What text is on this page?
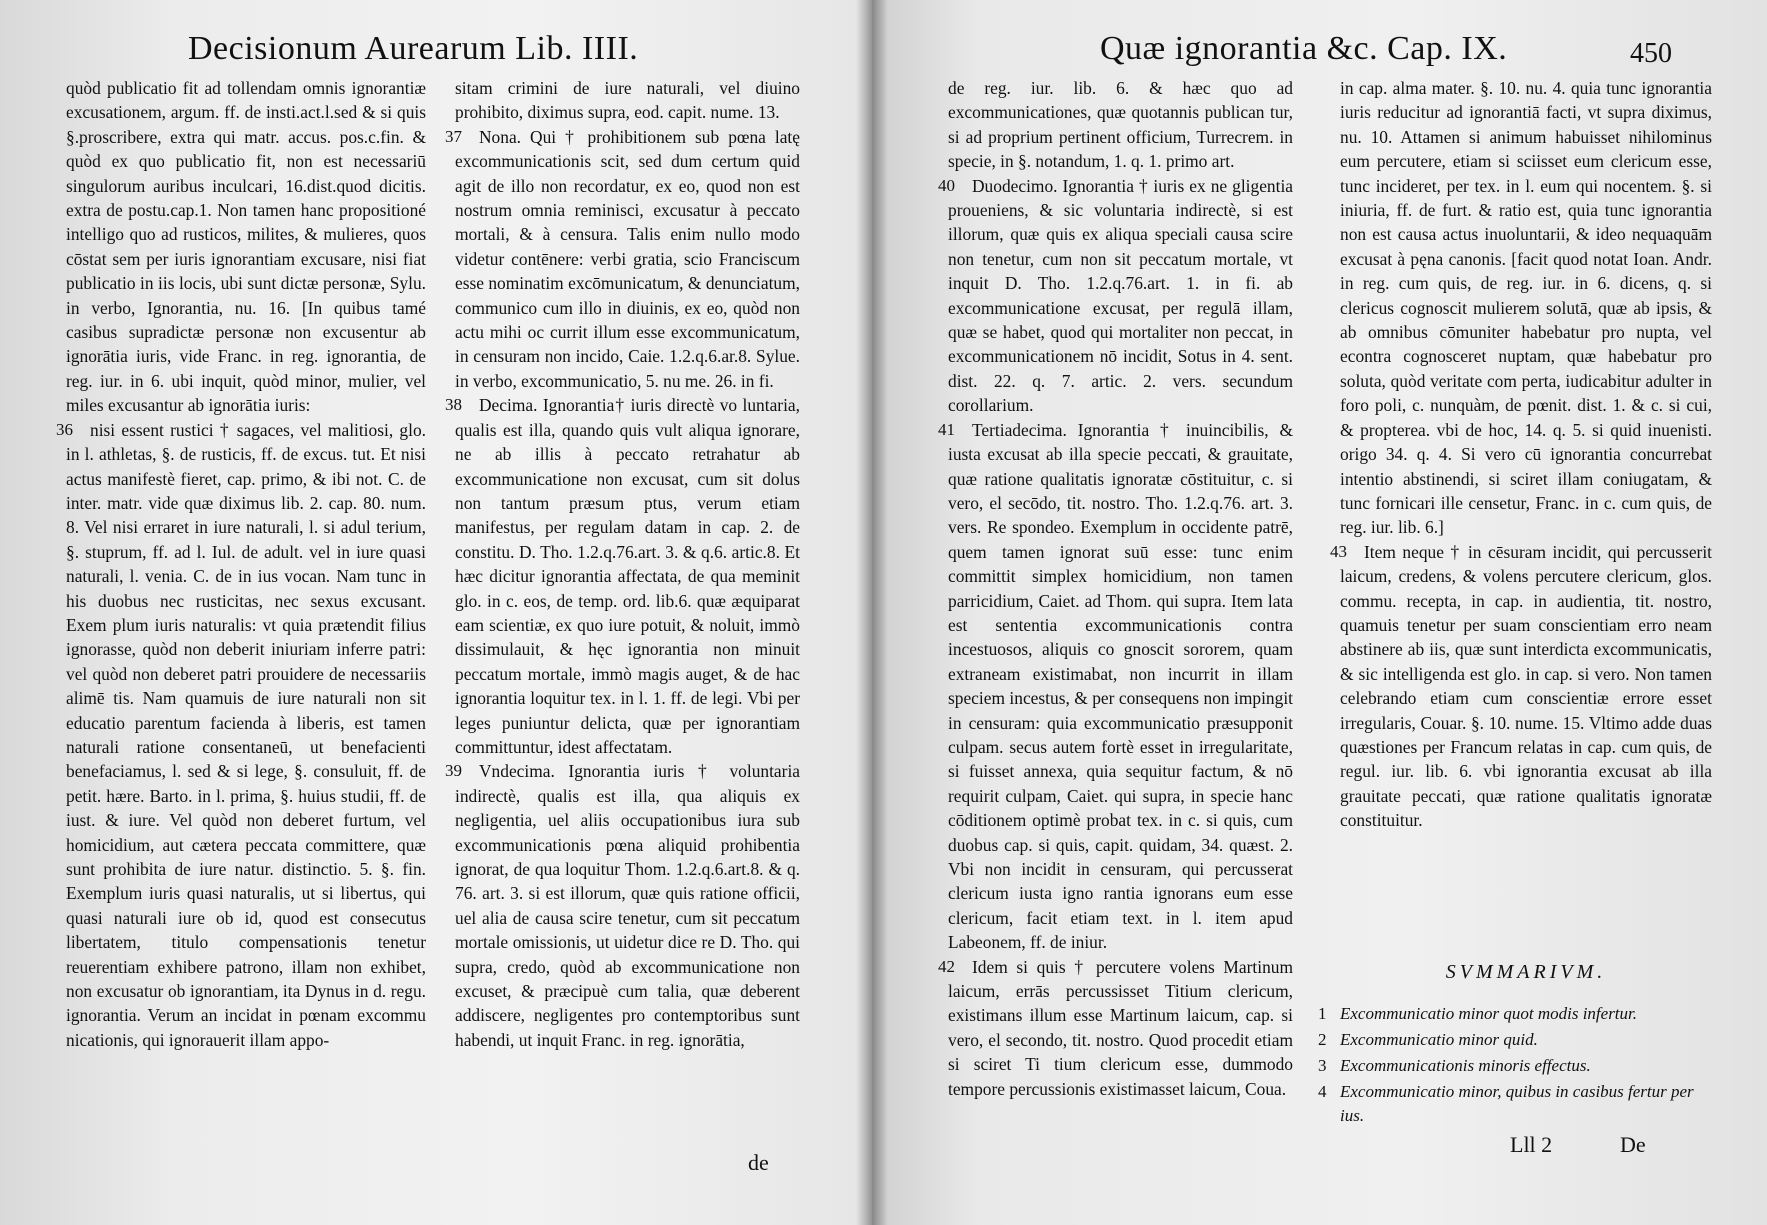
Decisionum Aurearum Lib. IIII.

quòd publicatio fit ad tollendam omnis ignorantiæ excusationem, argum. ff. de insti.act.l.sed & si quis §.proscribere, extra qui matr. accus. pos.c.fin. & quòd ex quo publicatio fit, non est necessariū singulorum auribus inculcari, 16.dist.quod dicitis. extra de postu.cap.1. Non tamen hanc propositioné intelligo quo ad rusticos, milites, & mulieres, quos cōstat sem per iuris ignorantiam excusare, nisi fiat publicatio in iis locis, ubi sunt dictæ personæ, Sylu. in verbo, Ignorantia, nu. 16. [In quibus tamé casibus supradictæ personæ non excusentur ab ignorātia iuris, vide Franc. in reg. ignorantia, de reg. iur. in 6. ubi inquit, quòd minor, mulier, vel miles excusantur ab ignorātia iuris:

36 nisi essent rustici † sagaces, vel malitiosi, glo. in l. athletas, §. de rusticis, ff. de excus. tut. Et nisi actus manifestè fieret, cap. primo, & ibi not. C. de inter. matr. vide quæ diximus lib. 2. cap. 80. num. 8. Vel nisi erraret in iure naturali, l. si adul terium, §. stuprum, ff. ad l. Iul. de adult. vel in iure quasi naturali, l. venia. C. de in ius vocan. Nam tunc in his duobus nec rusticitas, nec sexus excusant. Exem plum iuris naturalis: vt quia prætendit filius ignorasse, quòd non deberit iniuriam inferre patri: vel quòd non deberet patri prouidere de necessariis alimē tis. Nam quamuis de iure naturali non sit educatio parentum facienda à liberis, est tamen naturali ratione consentaneū, ut benefacienti benefaciamus, l. sed & si lege, §. consuluit, ff. de petit. hære. Barto. in l. prima, §. huius studii, ff. de iust. & iure. Vel quòd non deberet furtum, vel homicidium, aut cætera peccata committere, quæ sunt prohibita de iure natur. distinctio. 5. §. fin. Exemplum iuris quasi naturalis, ut si libertus, qui quasi naturali iure ob id, quod est consecutus libertatem, titulo compensationis tenetur reuerentiam exhibere patrono, illam non exhibet, non excusatur ob ignorantiam, ita Dynus in d. regu. ignorantia. Verum an incidat in pœnam excommu nicationis, qui ignorauerit illam appo-

sitam crimini de iure naturali, vel diuino prohibito, diximus supra, eod. capit. nume. 13.

37 Nona. Qui † prohibitionem sub pœna latę excommunicationis scit, sed dum certum quid agit de illo non recordatur, ex eo, quod non est nostrum omnia reminisci, excusatur à peccato mortali, & à censura. Talis enim nullo modo videtur contēnere: verbi gratia, scio Franciscum esse nominatim excōmunicatum, & denunciatum, communico cum illo in diuinis, ex eo, quòd non actu mihi oc currit illum esse excommunicatum, in censuram non incido, Caie. 1.2.q.6.ar.8. Sylue. in verbo, excommunicatio, 5. nu me. 26. in fi.

38 Decima. Ignorantia† iuris directè vo luntaria, qualis est illa, quando quis vult aliqua ignorare, ne ab illis à peccato retrahatur ab excommunicatione non excusat, cum sit dolus non tantum præsum ptus, verum etiam manifestus, per regulam datam in cap. 2. de constitu. D. Tho. 1.2.q.76.art. 3. & q.6. artic.8. Et hæc dicitur ignorantia affectata, de qua meminit glo. in c. eos, de temp. ord. lib.6. quæ æquiparat eam scientiæ, ex quo iure potuit, & noluit, immò dissimulauit, & hęc ignorantia non minuit peccatum mortale, immò magis auget, & de hac ignorantia loquitur tex. in l. 1. ff. de legi. Vbi per leges puniuntur delicta, quæ per ignorantiam committuntur, idest affectatam.

39 Vndecima. Ignorantia iuris † voluntaria indirectè, qualis est illa, qua aliquis ex negligentia, uel aliis occupationibus iura sub excommunicationis pœna aliquid prohibentia ignorat, de qua loquitur Thom. 1.2.q.6.art.8. & q. 76. art. 3. si est illorum, quæ quis ratione officii, uel alia de causa scire tenetur, cum sit peccatum mortale omissionis, ut uidetur dice re D. Tho. qui supra, credo, quòd ab excommunicatione non excuset, & præcipuè cum talia, quæ deberent addiscere, negligentes pro contemptoribus sunt habendi, ut inquit Franc. in reg. ignorātia,

de
Quæ ignorantia &c. Cap. IX.	450

de reg. iur. lib. 6. & hæc quo ad excommunicationes, quæ quotannis publican tur, si ad proprium pertinent officium, Turrecrem. in specie, in §. notandum, 1. q. 1. primo art.

40 Duodecimo. Ignorantia † iuris ex ne gligentia proueniens, & sic voluntaria indirectè, si est illorum, quæ quis ex aliqua speciali causa scire non tenetur, cum non sit peccatum mortale, vt inquit D. Tho. 1.2.q.76.art. 1. in fi. ab excommunicatione excusat, per regulā illam, quæ se habet, quod qui mortaliter non peccat, in excommunicationem nō incidit, Sotus in 4. sent. dist. 22. q. 7. artic. 2. vers. secundum corollarium.

41 Tertiadecima. Ignorantia † inuincibilis, & iusta excusat ab illa specie peccati, & grauitate, quæ ratione qualitatis ignoratæ cōstituitur, c. si vero, el secōdo, tit. nostro. Tho. 1.2.q.76. art. 3. vers. Re spondeo. Exemplum in occidente patrē, quem tamen ignorat suū esse: tunc enim committit simplex homicidium, non tamen parricidium, Caiet. ad Thom. qui supra. Item lata est sententia excommunicationis contra incestuosos, aliquis co gnoscit sororem, quam extraneam existimabat, non incurrit in illam speciem incestus, & per consequens non impingit in censuram: quia excommunicatio præsupponit culpam. secus autem fortè esset in irregularitate, si fuisset annexa, quia sequitur factum, & nō requirit culpam, Caiet. qui supra, in specie hanc cōditionem optimè probat tex. in c. si quis, cum duobus cap. si quis, capit. quidam, 34. quæst. 2. Vbi non incidit in censuram, qui percusserat clericum iusta igno rantia ignorans eum esse clericum, facit etiam text. in l. item apud Labeonem, ff. de iniur.

42 Idem si quis † percutere volens Martinum laicum, errās percussisset Titium clericum, existimans illum esse Martinum laicum, cap. si vero, el secondo, tit. nostro. Quod procedit etiam si sciret Ti tium clericum esse, dummodo tempore percussionis existimasset laicum, Coua.

in cap. alma mater. §. 10. nu. 4. quia tunc ignorantia iuris reducitur ad ignorantiā facti, vt supra diximus, nu. 10. Attamen si animum habuisset nihilominus eum percutere, etiam si sciisset eum clericum esse, tunc incideret, per tex. in l. eum qui nocentem. §. si iniuria, ff. de furt. & ratio est, quia tunc ignorantia non est causa actus inuoluntarii, & ideo nequaquām excusat à pęna canonis. [facit quod notat Ioan. Andr. in reg. cum quis, de reg. iur. in 6. dicens, q. si clericus cognoscit mulierem solutā, quæ ab ipsis, & ab omnibus cōmuniter habebatur pro nupta, vel econtra cognosceret nuptam, quæ habebatur pro soluta, quòd veritate com perta, iudicabitur adulter in foro poli, c. nunquàm, de pœnit. dist. 1. & c. si cui, & propterea. vbi de hoc, 14. q. 5. si quid inuenisti. origo 34. q. 4. Si vero cū ignorantia concurrebat intentio abstinendi, si sciret illam coniugatam, & tunc fornicari ille censetur, Franc. in c. cum quis, de reg. iur. lib. 6.]

43 Item neque † in cēsuram incidit, qui percusserit laicum, credens, & volens percutere clericum, glos. commu. recepta, in cap. in audientia, tit. nostro, quamuis tenetur per suam conscientiam erro neam abstinere ab iis, quæ sunt interdicta excommunicatis, & sic intelligenda est glo. in cap. si vero. Non tamen celebrando etiam cum conscientiæ errore esset irregularis, Couar. §. 10. nume. 15. Vltimo adde duas quæstiones per Francum relatas in cap. cum quis, de regul. iur. lib. 6. vbi ignorantia excusat ab illa grauitate peccati, quæ ratione qualitatis ignoratæ constituitur.

SVMMARIVM.
1 Excommunicatio minor quot modis infertur.
2 Excommunicatio minor quid.
3 Excommunicationis minoris effectus.
4 Excommunicatio minor, quibus in casibus fertur per ius.
Lll 2	De
